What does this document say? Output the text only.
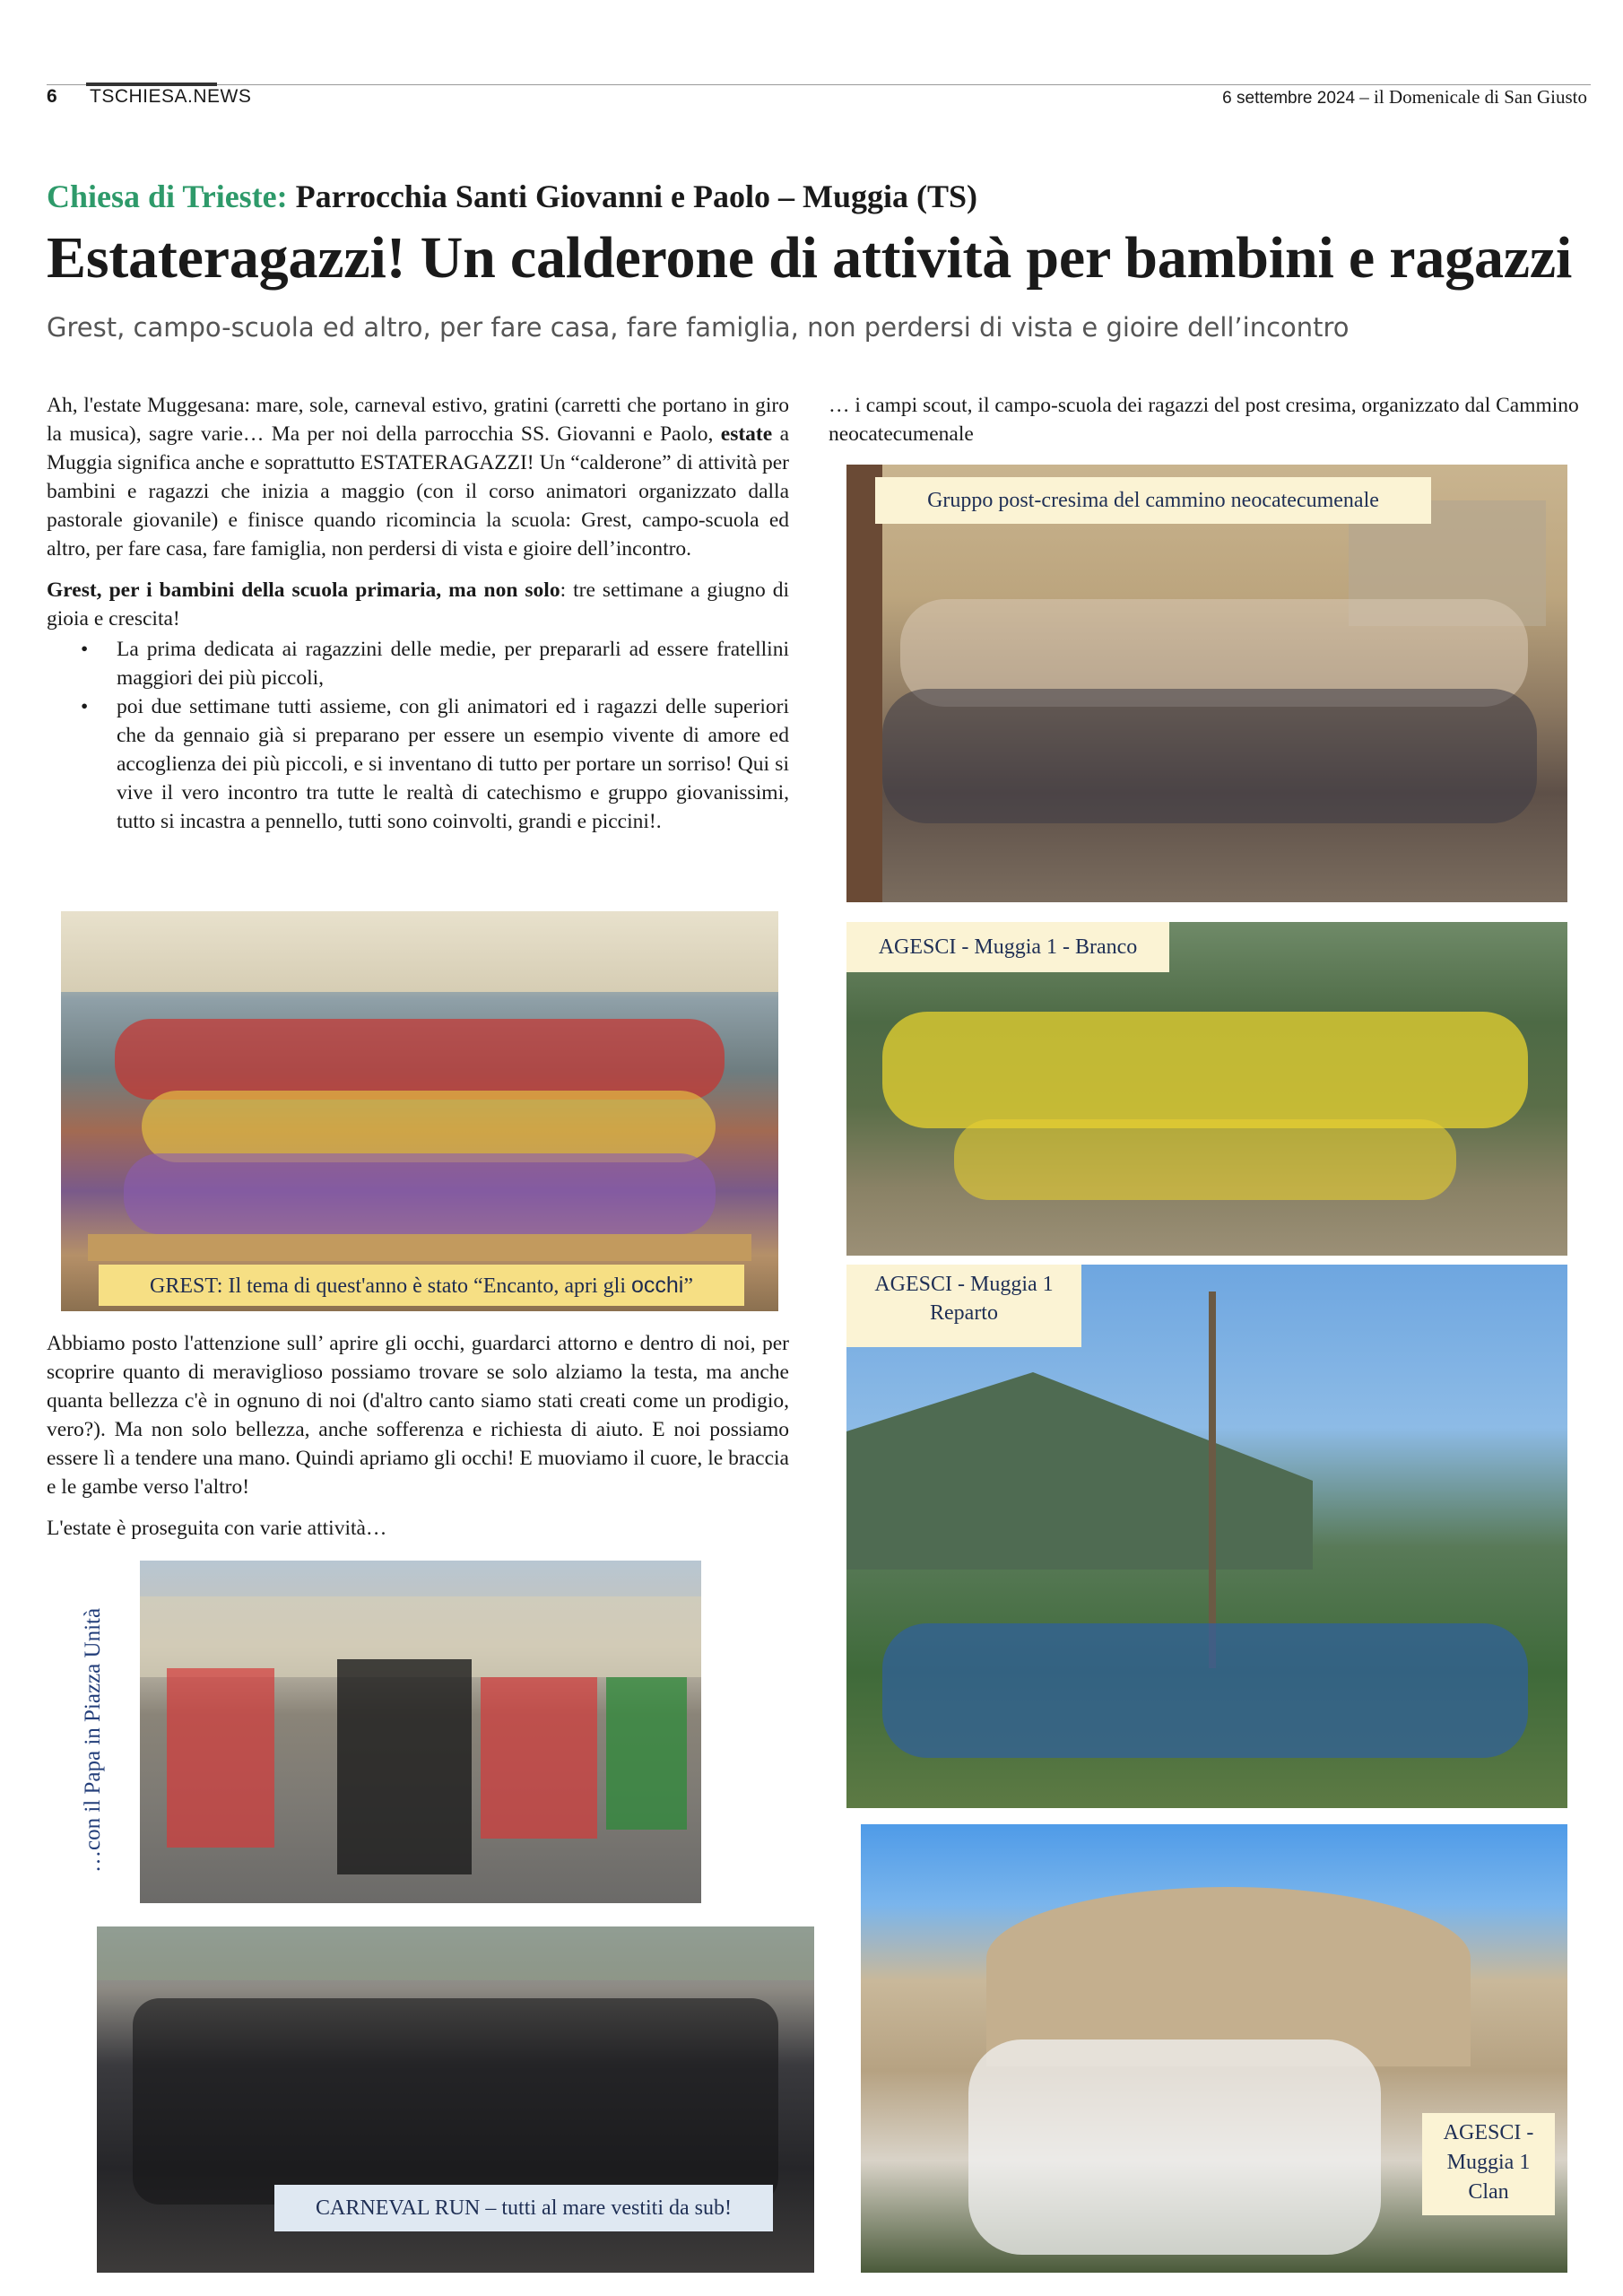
6 TSCHIESA.NEWS	6 settembre 2024 – il Domenicale di San Giusto
Chiesa di Trieste: Parrocchia Santi Giovanni e Paolo – Muggia (TS)
Estateragazzi! Un calderone di attività per bambini e ragazzi
Grest, campo-scuola ed altro, per fare casa, fare famiglia, non perdersi di vista e gioire dell’incontro

Ah, l'estate Muggesana: mare, sole, carneval estivo, gratini (carretti che portano in giro la musica), sagre varie… Ma per noi della parrocchia SS. Giovanni e Paolo, estate a Muggia significa anche e soprattutto ESTATERAGAZZI! Un “calderone” di attività per bambini e ragazzi che inizia a maggio (con il corso animatori organizzato dalla pastorale giovanile) e finisce quando ricomincia la scuola: Grest, campo-scuola ed altro, per fare casa, fare famiglia, non perdersi di vista e gioire dell’incontro.

Grest, per i bambini della scuola primaria, ma non solo: tre settimane a giugno di gioia e crescita!

• La prima dedicata ai ragazzini delle medie, per prepararli ad essere fratellini maggiori dei più piccoli,
• poi due settimane tutti assieme, con gli animatori ed i ragazzi delle superiori che da gennaio già si preparano per essere un esempio vivente di amore ed accoglienza dei più piccoli, e si inventano di tutto per portare un sorriso! Qui si vive il vero incontro tra tutte le realtà di catechismo e gruppo giovanissimi, tutto si incastra a pennello, tutti sono coinvolti, grandi e piccini!.
GREST: Il tema di quest'anno è stato “Encanto, apri gli occhi”

Abbiamo posto l'attenzione sull’ aprire gli occhi, guardarci attorno e dentro di noi, per scoprire quanto di meraviglioso possiamo trovare se solo alziamo la testa, ma anche quanta bellezza c'è in ognuno di noi (d'altro canto siamo stati creati come un prodigio, vero?). Ma non solo bellezza, anche sofferenza e richiesta di aiuto. E noi possiamo essere lì a tendere una mano. Quindi apriamo gli occhi! E muoviamo il cuore, le braccia e le gambe verso l'altro!

L'estate è proseguita con varie attività…

…con il Papa in Piazza Unità
CARNEVAL RUN – tutti al mare vestiti da sub!
… i campi scout, il campo-scuola dei ragazzi del post cresima, organizzato dal Cammino neocatecumenale
Gruppo post-cresima del cammino neocatecumenale
AGESCI - Muggia 1 - Branco
AGESCI - Muggia 1
Reparto
AGESCI -
Muggia 1
Clan
